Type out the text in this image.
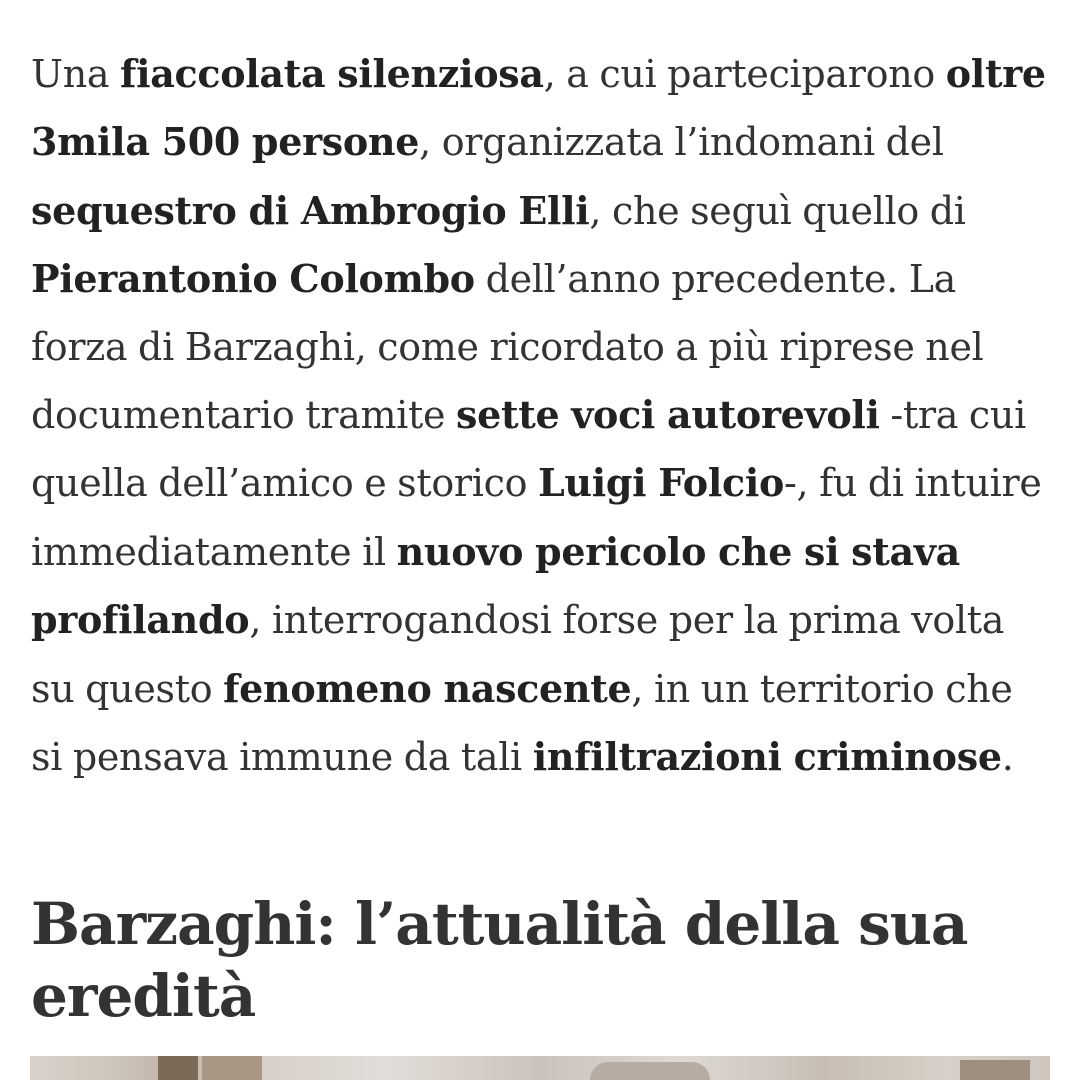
Una fiaccolata silenziosa, a cui parteciparono oltre 3mila 500 persone, organizzata l’indomani del sequestro di Ambrogio Elli, che seguì quello di Pierantonio Colombo dell’anno precedente. La forza di Barzaghi, come ricordato a più riprese nel documentario tramite sette voci autorevoli -tra cui quella dell’amico e storico Luigi Folcio-, fu di intuire immediatamente il nuovo pericolo che si stava profilando, interrogandosi forse per la prima volta su questo fenomeno nascente, in un territorio che si pensava immune da tali infiltrazioni criminose.

Barzaghi: l’attualità della sua eredità
